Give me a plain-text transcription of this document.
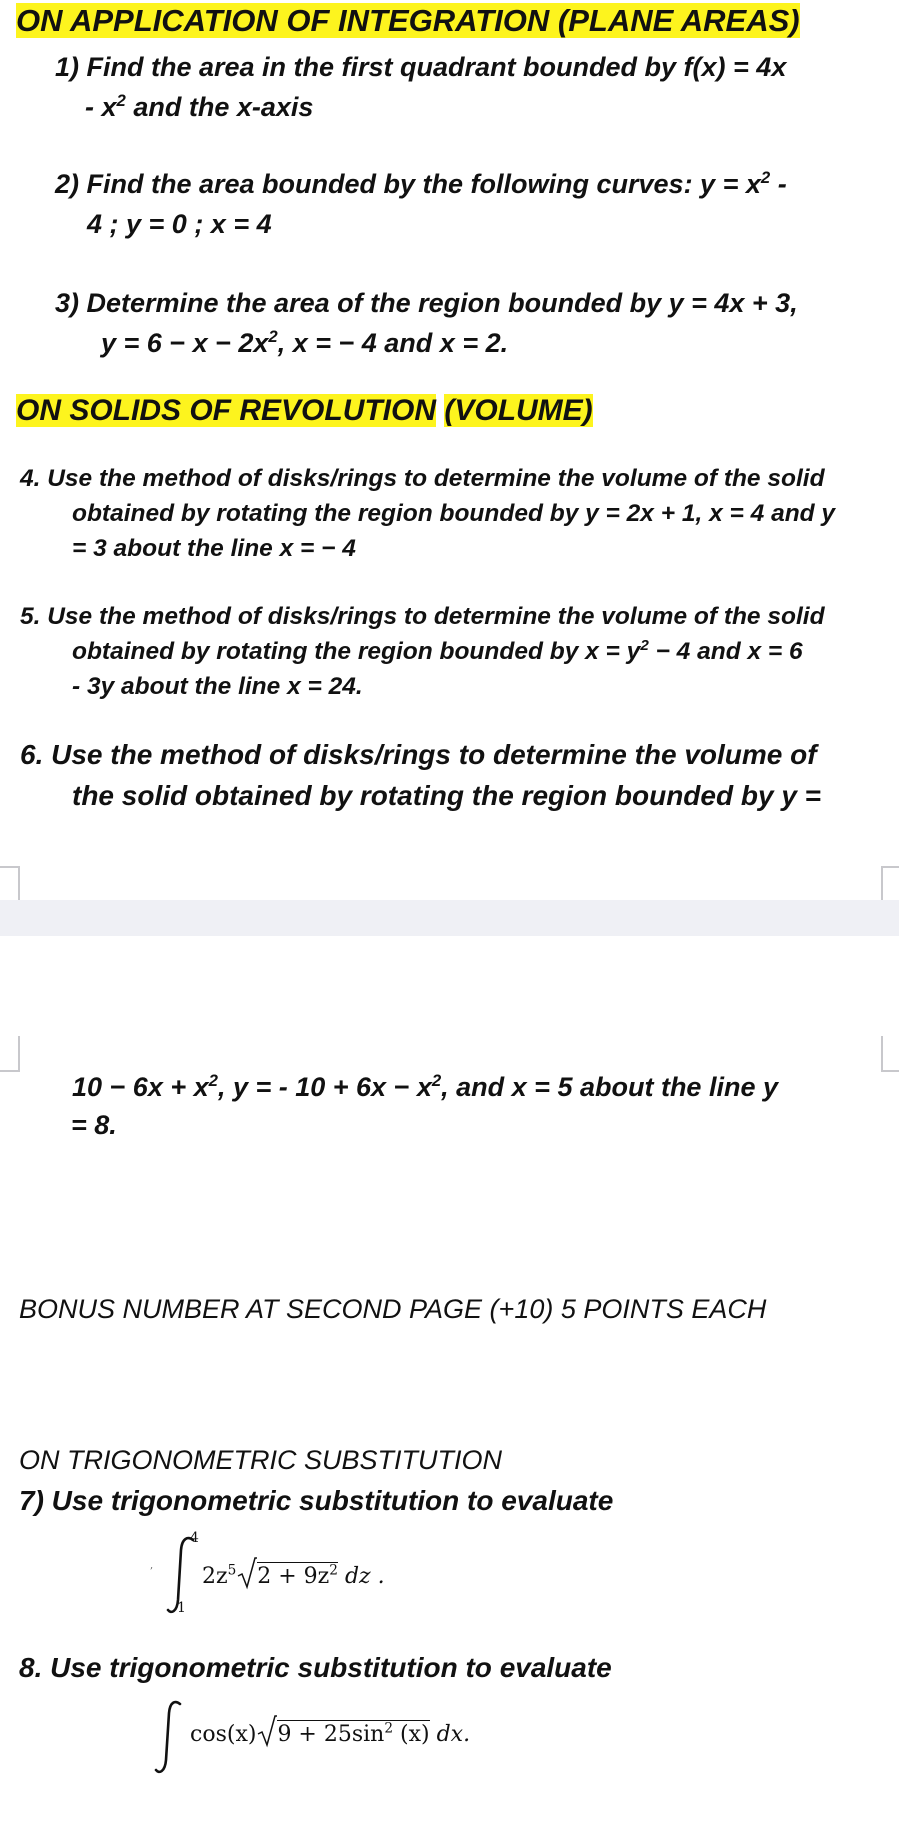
ON APPLICATION OF INTEGRATION (PLANE AREAS)
1) Find the area in the first quadrant bounded by f(x) = 4x
- $x^2$ and the x-axis
2) Find the area bounded by the following curves: $y = x^2$ -
4 ; y = 0 ; x = 4
3) Determine the area of the region bounded by y = 4x + 3,
$y = 6 - x - 2x^2$, x = − 4 and x = 2.
ON SOLIDS OF REVOLUTION (VOLUME)
4. Use the method of disks/rings to determine the volume of the solid
obtained by rotating the region bounded by y = 2x + 1, x = 4 and y
= 3 about the line x = − 4
5. Use the method of disks/rings to determine the volume of the solid
obtained by rotating the region bounded by $x = y^2 - 4$ and x = 6
- 3y about the line x = 24.
6. Use the method of disks/rings to determine the volume of
the solid obtained by rotating the region bounded by y =
$10 - 6x + x^2$, y = - $10 + 6x - x^2$, and x = 5 about the line y
= 8.
BONUS NUMBER AT SECOND PAGE (+10) 5 POINTS EACH
ON TRIGONOMETRIC SUBSTITUTION
7) Use trigonometric substitution to evaluate
,
4
1
$2z^5$ $2 + 9z^2$ dz .
8. Use trigonometric substitution to evaluate
cos(x) $9 + 25\sin^2$ (x) dx.
